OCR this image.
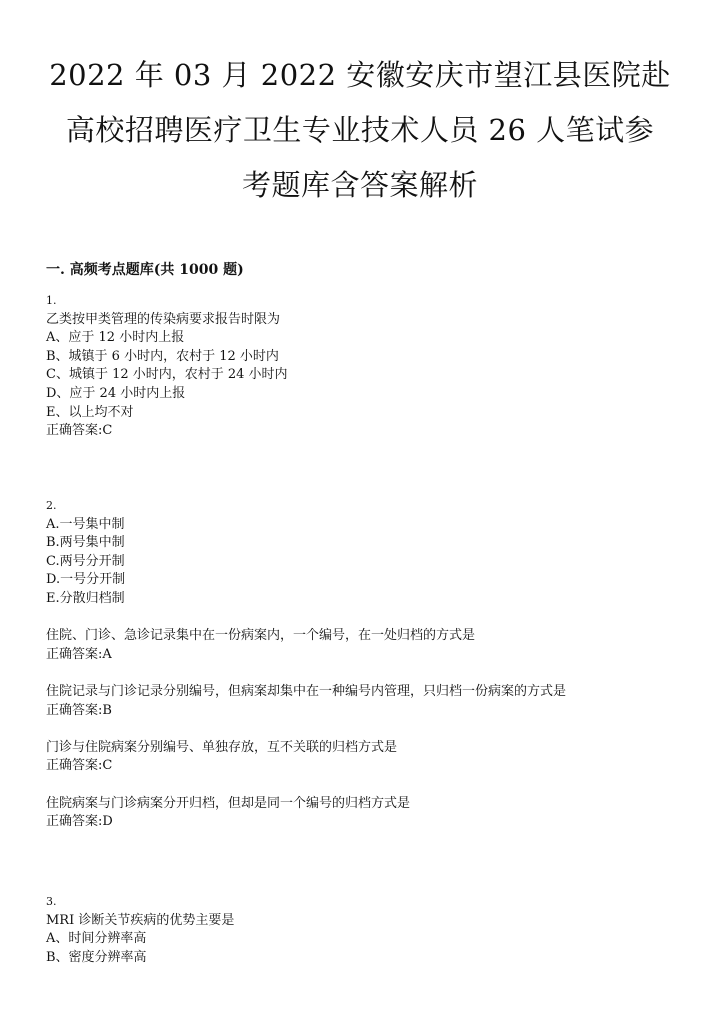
2022 年 03 月 2022 安徽安庆市望江县医院赴
高校招聘医疗卫生专业技术人员 26 人笔试参
考题库含答案解析
一. 高频考点题库(共 1000 题)
1.
乙类按甲类管理的传染病要求报告时限为
A、应于 12 小时内上报
B、城镇于 6 小时内，农村于 12 小时内
C、城镇于 12 小时内，农村于 24 小时内
D、应于 24 小时内上报
E、以上均不对
正确答案:C
2.
A.一号集中制
B.两号集中制
C.两号分开制
D.一号分开制
E.分散归档制
住院、门诊、急诊记录集中在一份病案内，一个编号，在一处归档的方式是
正确答案:A
住院记录与门诊记录分别编号，但病案却集中在一种编号内管理，只归档一份病案的方式是
正确答案:B
门诊与住院病案分别编号、单独存放，互不关联的归档方式是
正确答案:C
住院病案与门诊病案分开归档，但却是同一个编号的归档方式是
正确答案:D
3.
MRI 诊断关节疾病的优势主要是
A、时间分辨率高
B、密度分辨率高
